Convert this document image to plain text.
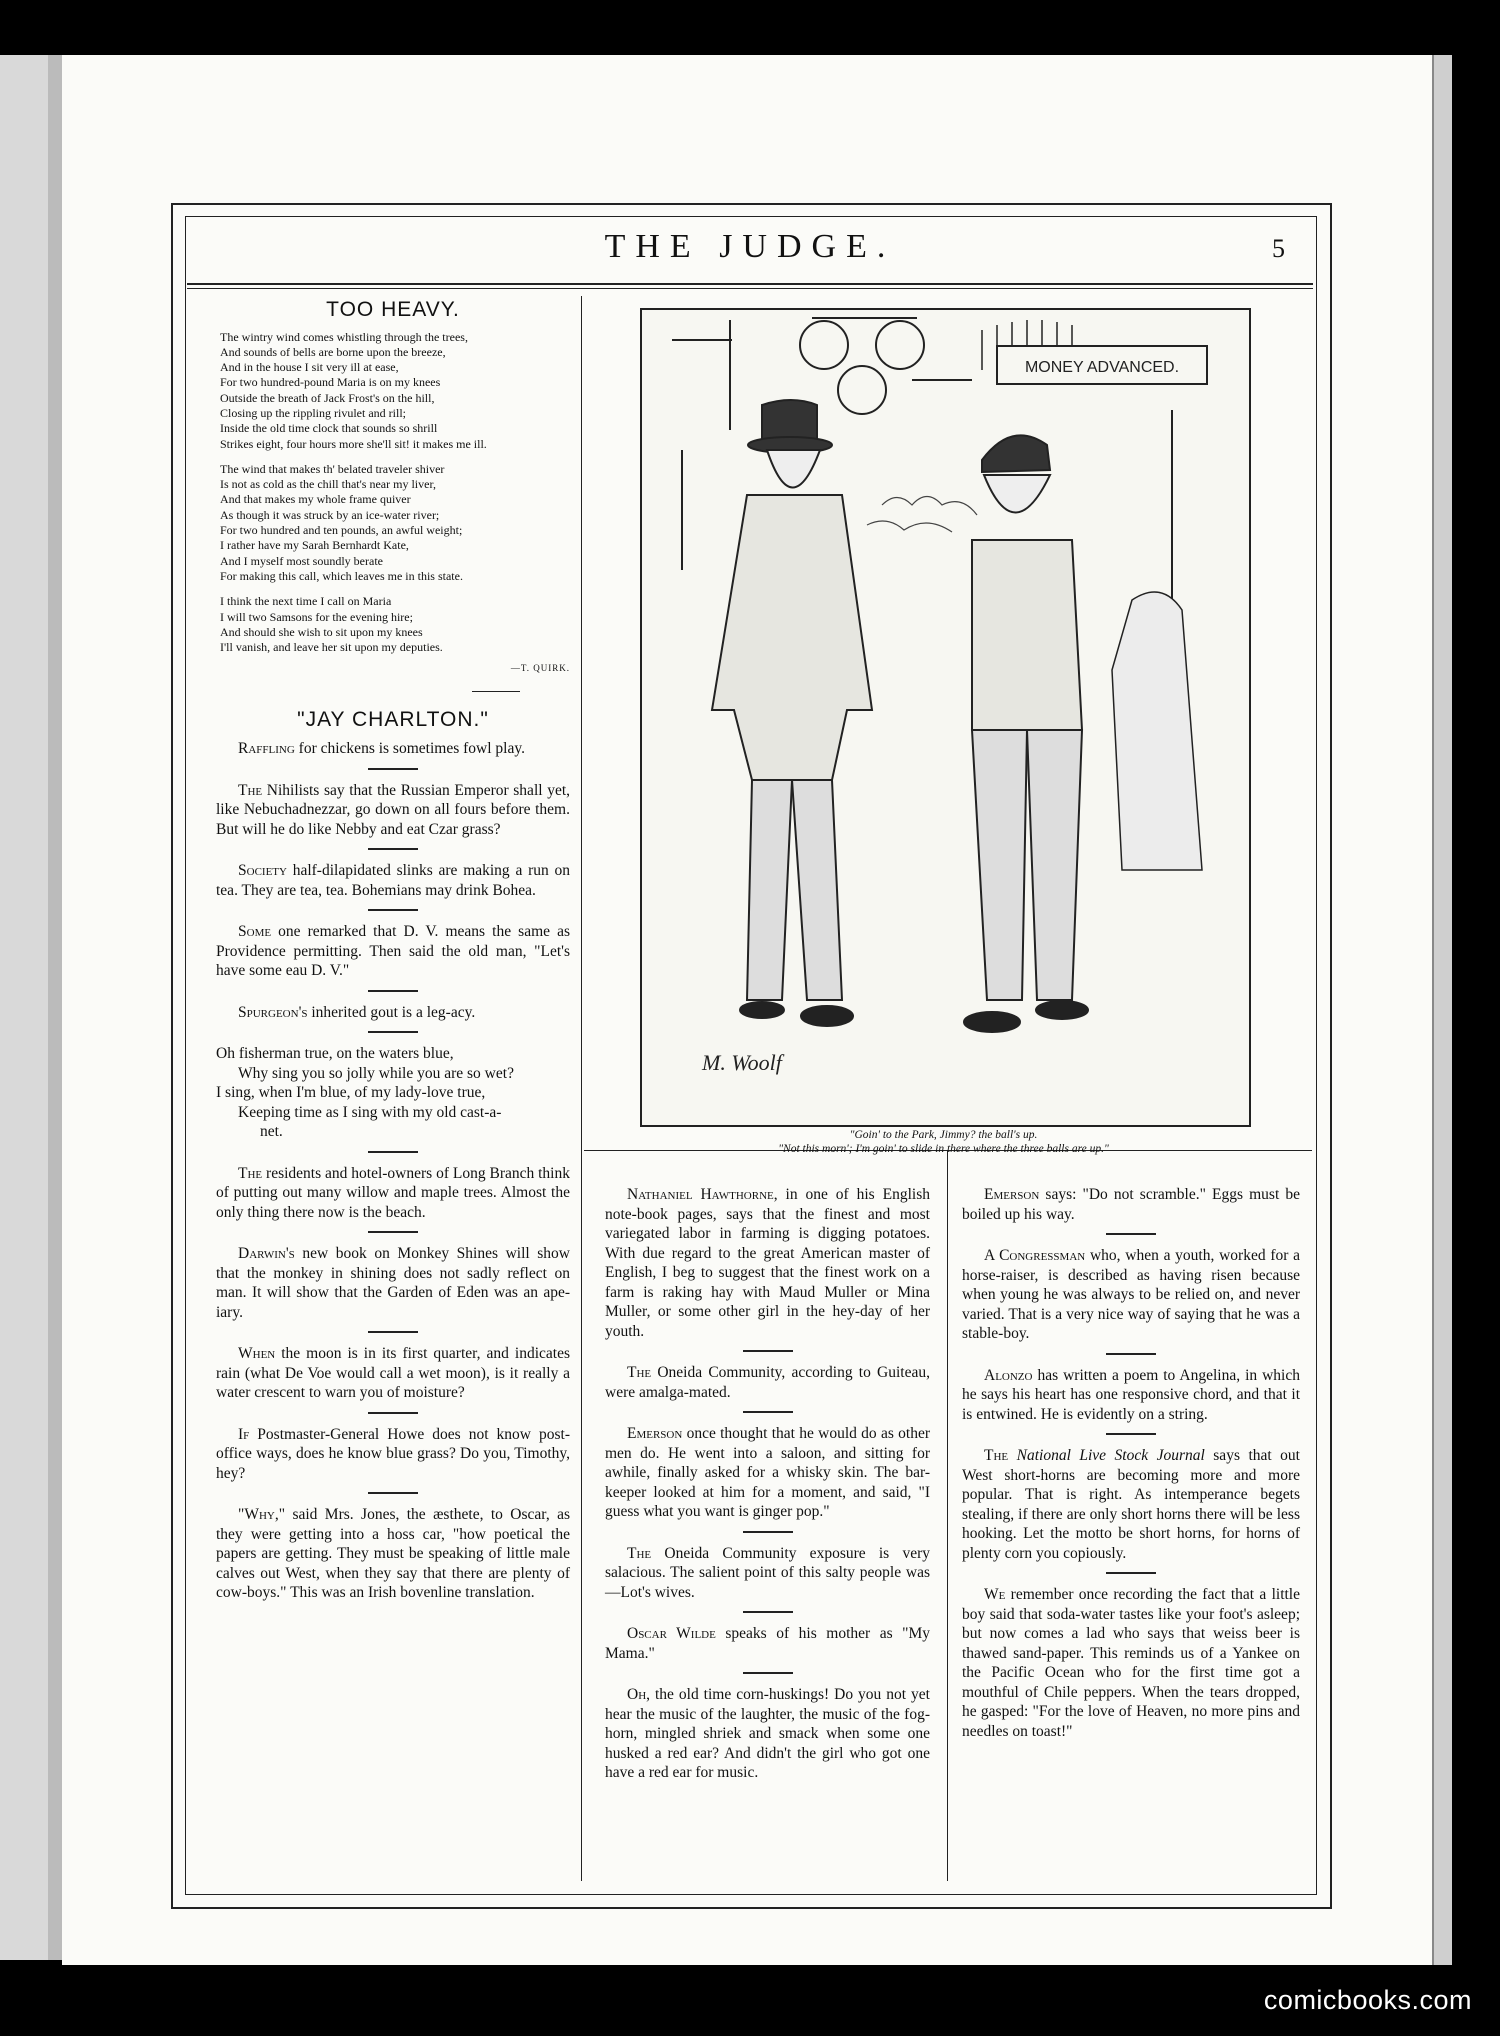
THE JUDGE.	5
TOO HEAVY.
The wintry wind comes whistling through the trees,
And sounds of bells are borne upon the breeze,
And in the house I sit very ill at ease,
For two hundred-pound Maria is on my knees
Outside the breath of Jack Frost's on the hill,
Closing up the rippling rivulet and rill;
Inside the old time clock that sounds so shrill
Strikes eight, four hours more she'll sit! it makes me ill.
The wind that makes th' belated traveler shiver
Is not as cold as the chill that's near my liver,
And that makes my whole frame quiver
As though it was struck by an ice-water river;
For two hundred and ten pounds, an awful weight;
I rather have my Sarah Bernhardt Kate,
And I myself most soundly berate
For making this call, which leaves me in this state.
I think the next time I call on Maria
I will two Samsons for the evening hire;
And should she wish to sit upon my knees
I'll vanish, and leave her sit upon my deputies.
—T. QUIRK.
"JAY CHARLTON."

Raffling for chickens is sometimes fowl play.

The Nihilists say that the Russian Emperor shall yet, like Nebuchadnezzar, go down on all fours before them. But will he do like Nebby and eat Czar grass?

Society half-dilapidated slinks are making a run on tea. They are tea, tea. Bohemians may drink Bohea.

Some one remarked that D. V. means the same as Providence permitting. Then said the old man, "Let's have some eau D. V."

Spurgeon's inherited gout is a leg-acy.

Oh fisherman true, on the waters blue,
Why sing you so jolly while you are so wet?
I sing, when I'm blue, of my lady-love true,
Keeping time as I sing with my old cast-a-
net.

The residents and hotel-owners of Long Branch think of putting out many willow and maple trees. Almost the only thing there now is the beach.

Darwin's new book on Monkey Shines will show that the monkey in shining does not sadly reflect on man. It will show that the Garden of Eden was an ape-iary.

When the moon is in its first quarter, and indicates rain (what De Voe would call a wet moon), is it really a water crescent to warn you of moisture?

If Postmaster-General Howe does not know post-office ways, does he know blue grass? Do you, Timothy, hey?

"Why," said Mrs. Jones, the æsthete, to Oscar, as they were getting into a hoss car, "how poetical the papers are getting. They must be speaking of little male calves out West, when they say that there are plenty of cow-boys." This was an Irish bovenline translation.

MONEY ADVANCED.
M. Woolf
"Goin' to the Park, Jimmy? the ball's up.
"Not this morn'; I'm goin' to slide in there where the three balls are up."

Nathaniel Hawthorne, in one of his English note-book pages, says that the finest and most variegated labor in farming is digging potatoes. With due regard to the great American master of English, I beg to suggest that the finest work on a farm is raking hay with Maud Muller or Mina Muller, or some other girl in the hey-day of her youth.

The Oneida Community, according to Guiteau, were amalga-mated.

Emerson once thought that he would do as other men do. He went into a saloon, and sitting for awhile, finally asked for a whisky skin. The bar-keeper looked at him for a moment, and said, "I guess what you want is ginger pop."

The Oneida Community exposure is very salacious. The salient point of this salty people was—Lot's wives.

Oscar Wilde speaks of his mother as "My Mama."

Oh, the old time corn-huskings! Do you not yet hear the music of the laughter, the music of the fog-horn, mingled shriek and smack when some one husked a red ear? And didn't the girl who got one have a red ear for music.

Emerson says: "Do not scramble." Eggs must be boiled up his way.

A Congressman who, when a youth, worked for a horse-raiser, is described as having risen because when young he was always to be relied on, and never varied. That is a very nice way of saying that he was a stable-boy.

Alonzo has written a poem to Angelina, in which he says his heart has one responsive chord, and that it is entwined. He is evidently on a string.

The National Live Stock Journal says that out West short-horns are becoming more and more popular. That is right. As intemperance begets stealing, if there are only short horns there will be less hooking. Let the motto be short horns, for horns of plenty corn you copiously.

We remember once recording the fact that a little boy said that soda-water tastes like your foot's asleep; but now comes a lad who says that weiss beer is thawed sand-paper. This reminds us of a Yankee on the Pacific Ocean who for the first time got a mouthful of Chile peppers. When the tears dropped, he gasped: "For the love of Heaven, no more pins and needles on toast!"

comicbooks.com
